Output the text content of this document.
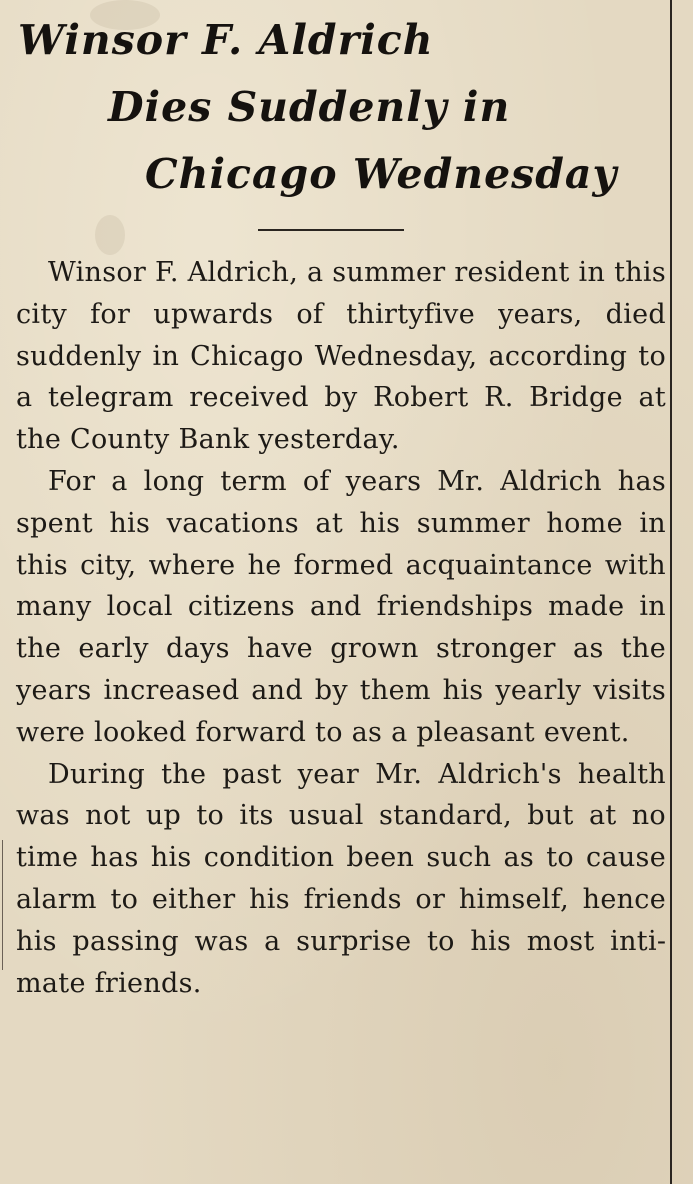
Winsor F. Aldrich
Dies Suddenly in
Chicago Wednesday

Winsor F. Aldrich, a summer resident in this city for upwards of thirtyfive years, died suddenly in Chicago Wednesday, according to a telegram received by Robert R. Bridge at the County Bank yesterday.

For a long term of years Mr. Aldrich has spent his vacations at his summer home in this city, where he formed acquaintance with many local citizens and friendships made in the early days have grown stronger as the years increased and by them his yearly visits were looked forward to as a pleasant event.

During the past year Mr. Aldrich's health was not up to its usual standard, but at no time has his condition been such as to cause alarm to either his friends or himself, hence his passing was a surprise to his most intimate friends.
